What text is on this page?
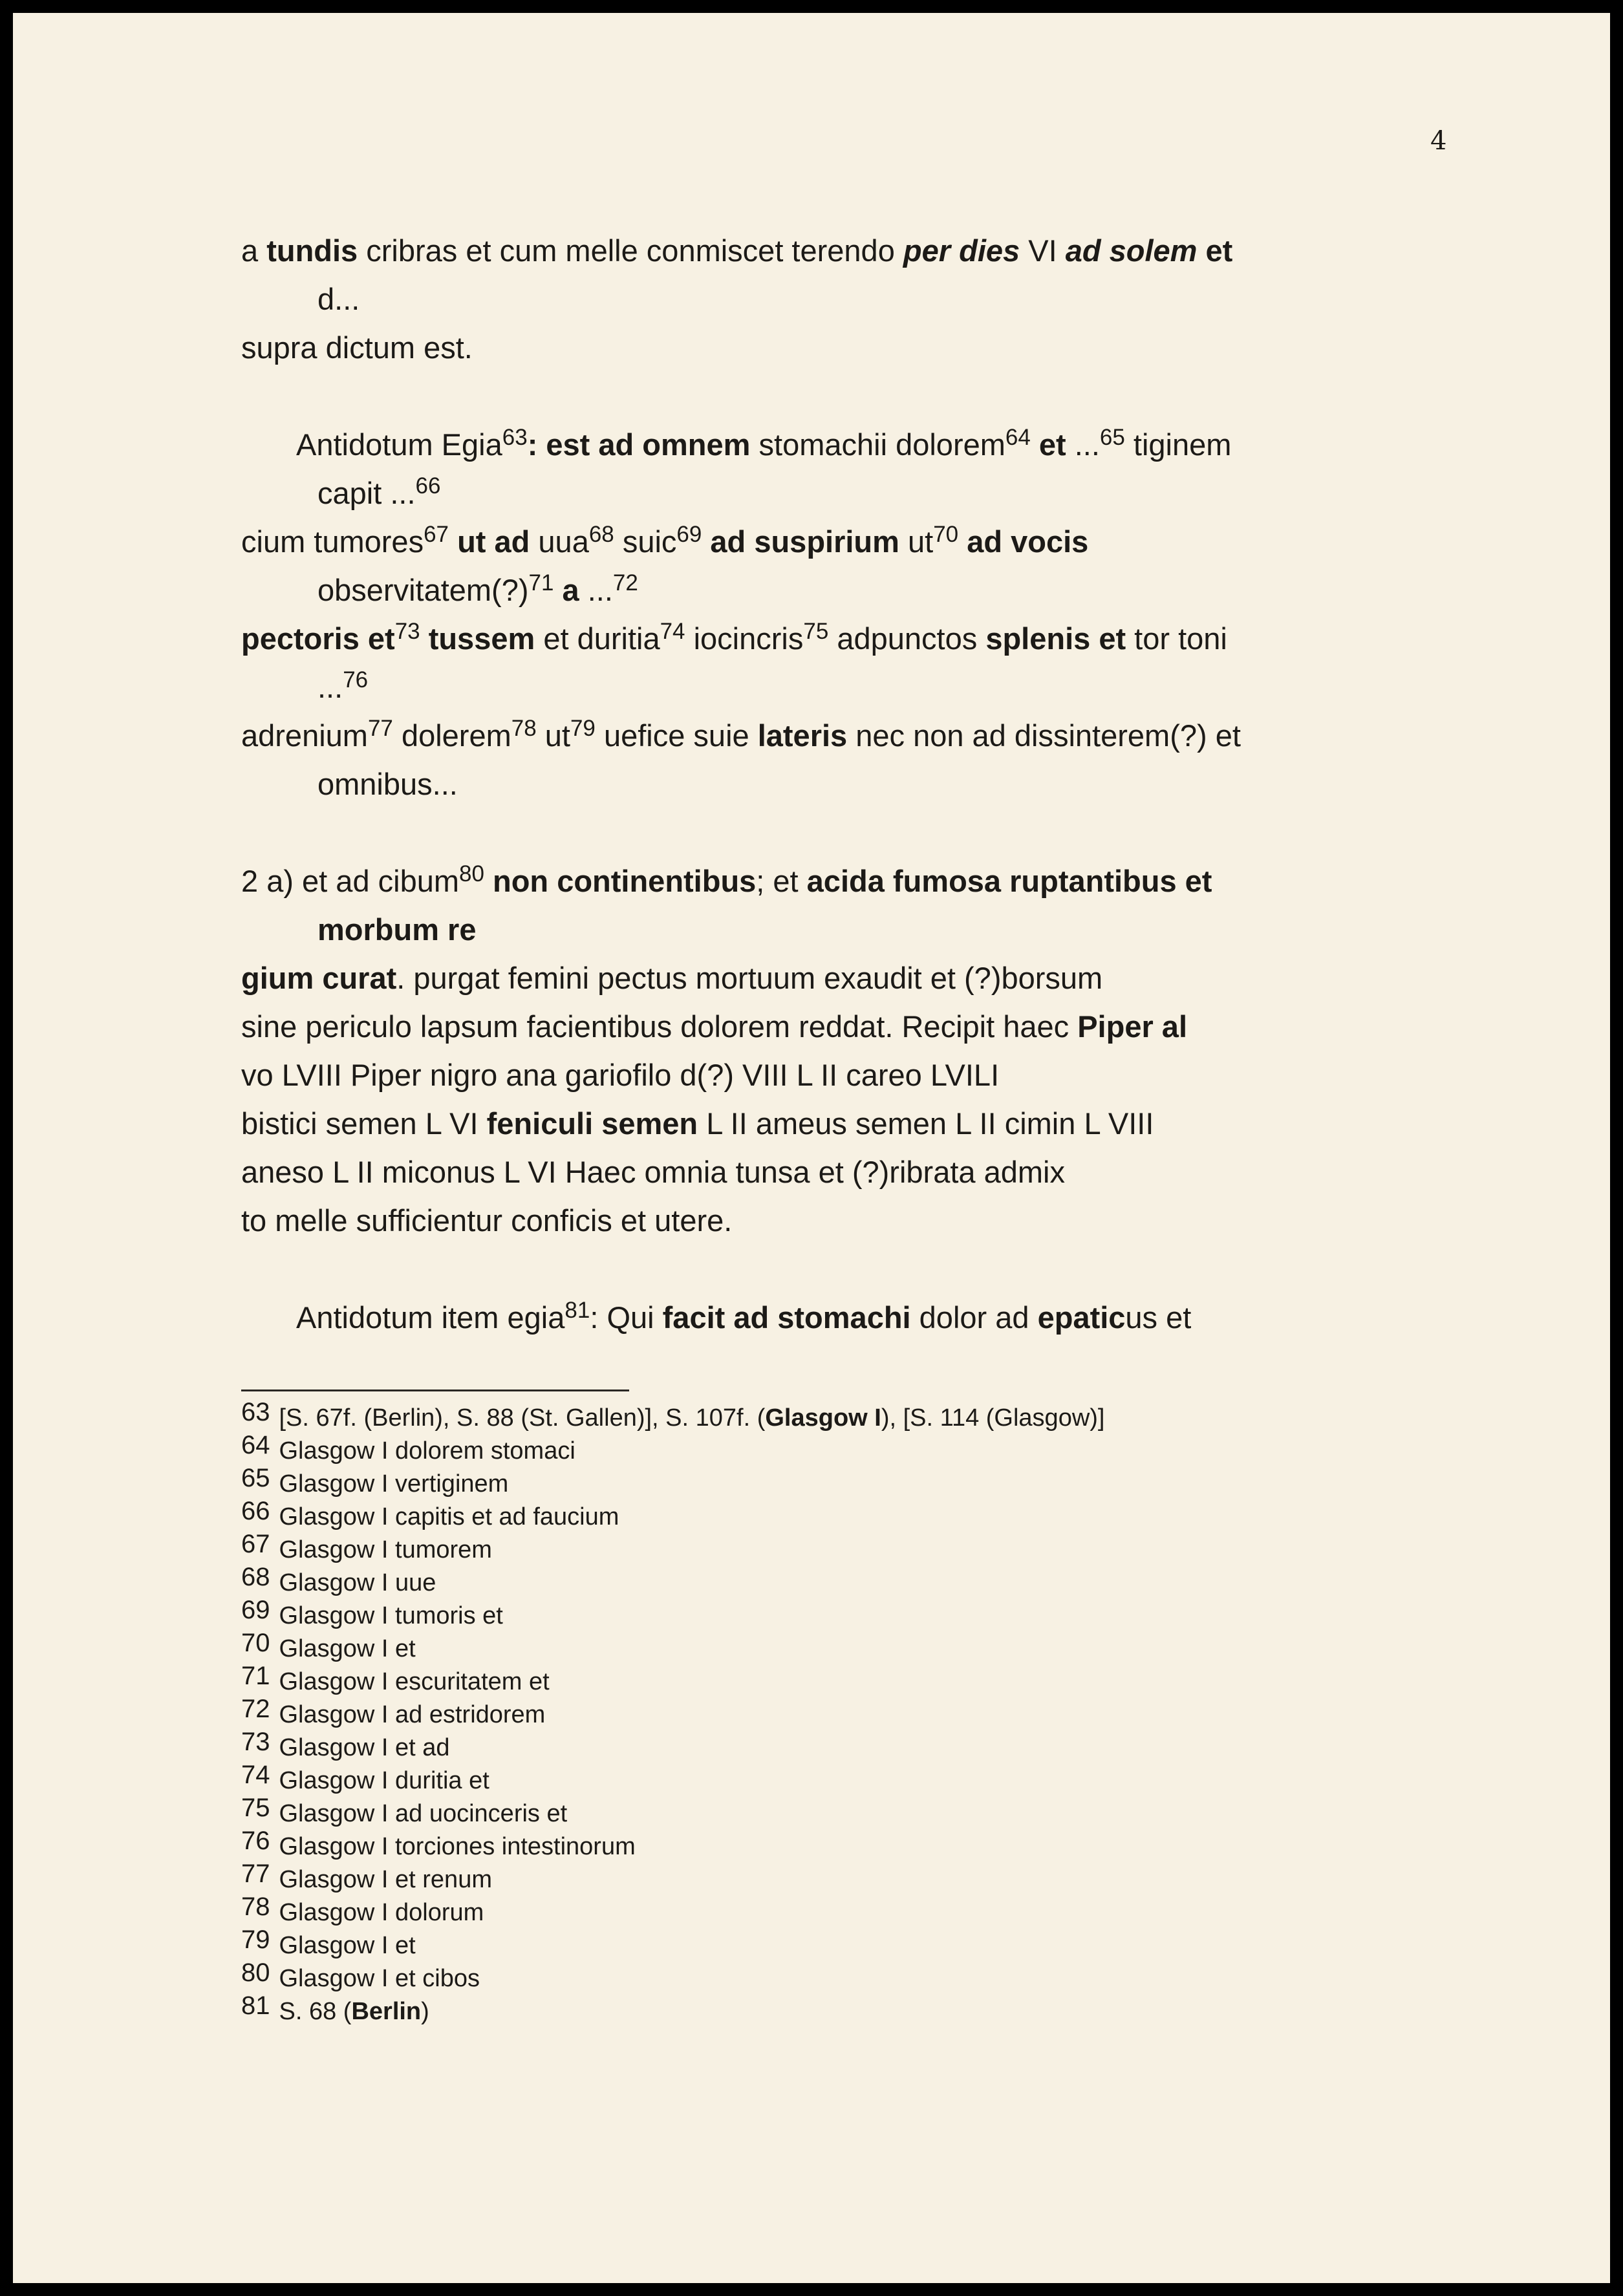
4

a tundis cribras et cum melle conmiscet terendo per dies VI ad solem et

d...

supra dictum est.

Antidotum Egia$^{63}$: est ad omnem stomachii dolorem$^{64}$ et ...$^{65}$ tiginem

capit ...$^{66}$

cium tumores$^{67}$ ut ad uua$^{68}$ suic$^{69}$ ad suspirium $ut^{70}$ ad vocis

observitatem(?)$^{71}$ a ...$^{72}$

pectoris $et^{73}$ tussem et duritia$^{74}$ iocincris$^{75}$ adpunctos splenis et tor toni

...$^{76}$

adrenium$^{77}$ dolerem$^{78}$ $ut^{79}$ uefice suie lateris nec non ad dissinterem(?) et

omnibus...

2 a) et ad cibum$^{80}$ non continentibus; et acida fumosa ruptantibus et

morbum re

gium curat. purgat femini pectus mortuum exaudit et (?)borsum

sine periculo lapsum facientibus dolorem reddat. Recipit haec Piper al

vo LVIII Piper nigro ana gariofilo d(?) VIII L II careo LVILI

bistici semen L VI feniculi semen L II ameus semen L II cimin L VIII

aneso L II miconus L VI Haec omnia tunsa et (?)ribrata admix

to melle sufficientur conficis et utere.

Antidotum item egia$^{81}$: Qui facit ad stomachi dolor ad epaticus et

63 [S. 67f. (Berlin), S. 88 (St. Gallen)], S. 107f. (Glasgow I), [S. 114 (Glasgow)]
64 Glasgow I dolorem stomaci
65 Glasgow I vertiginem
66 Glasgow I capitis et ad faucium
67 Glasgow I tumorem
68 Glasgow I uue
69 Glasgow I tumoris et
70 Glasgow I et
71 Glasgow I escuritatem et
72 Glasgow I ad estridorem
73 Glasgow I et ad
74 Glasgow I duritia et
75 Glasgow I ad uocinceris et
76 Glasgow I torciones intestinorum
77 Glasgow I et renum
78 Glasgow I dolorum
79 Glasgow I et
80 Glasgow I et cibos
81 S. 68 (Berlin)
